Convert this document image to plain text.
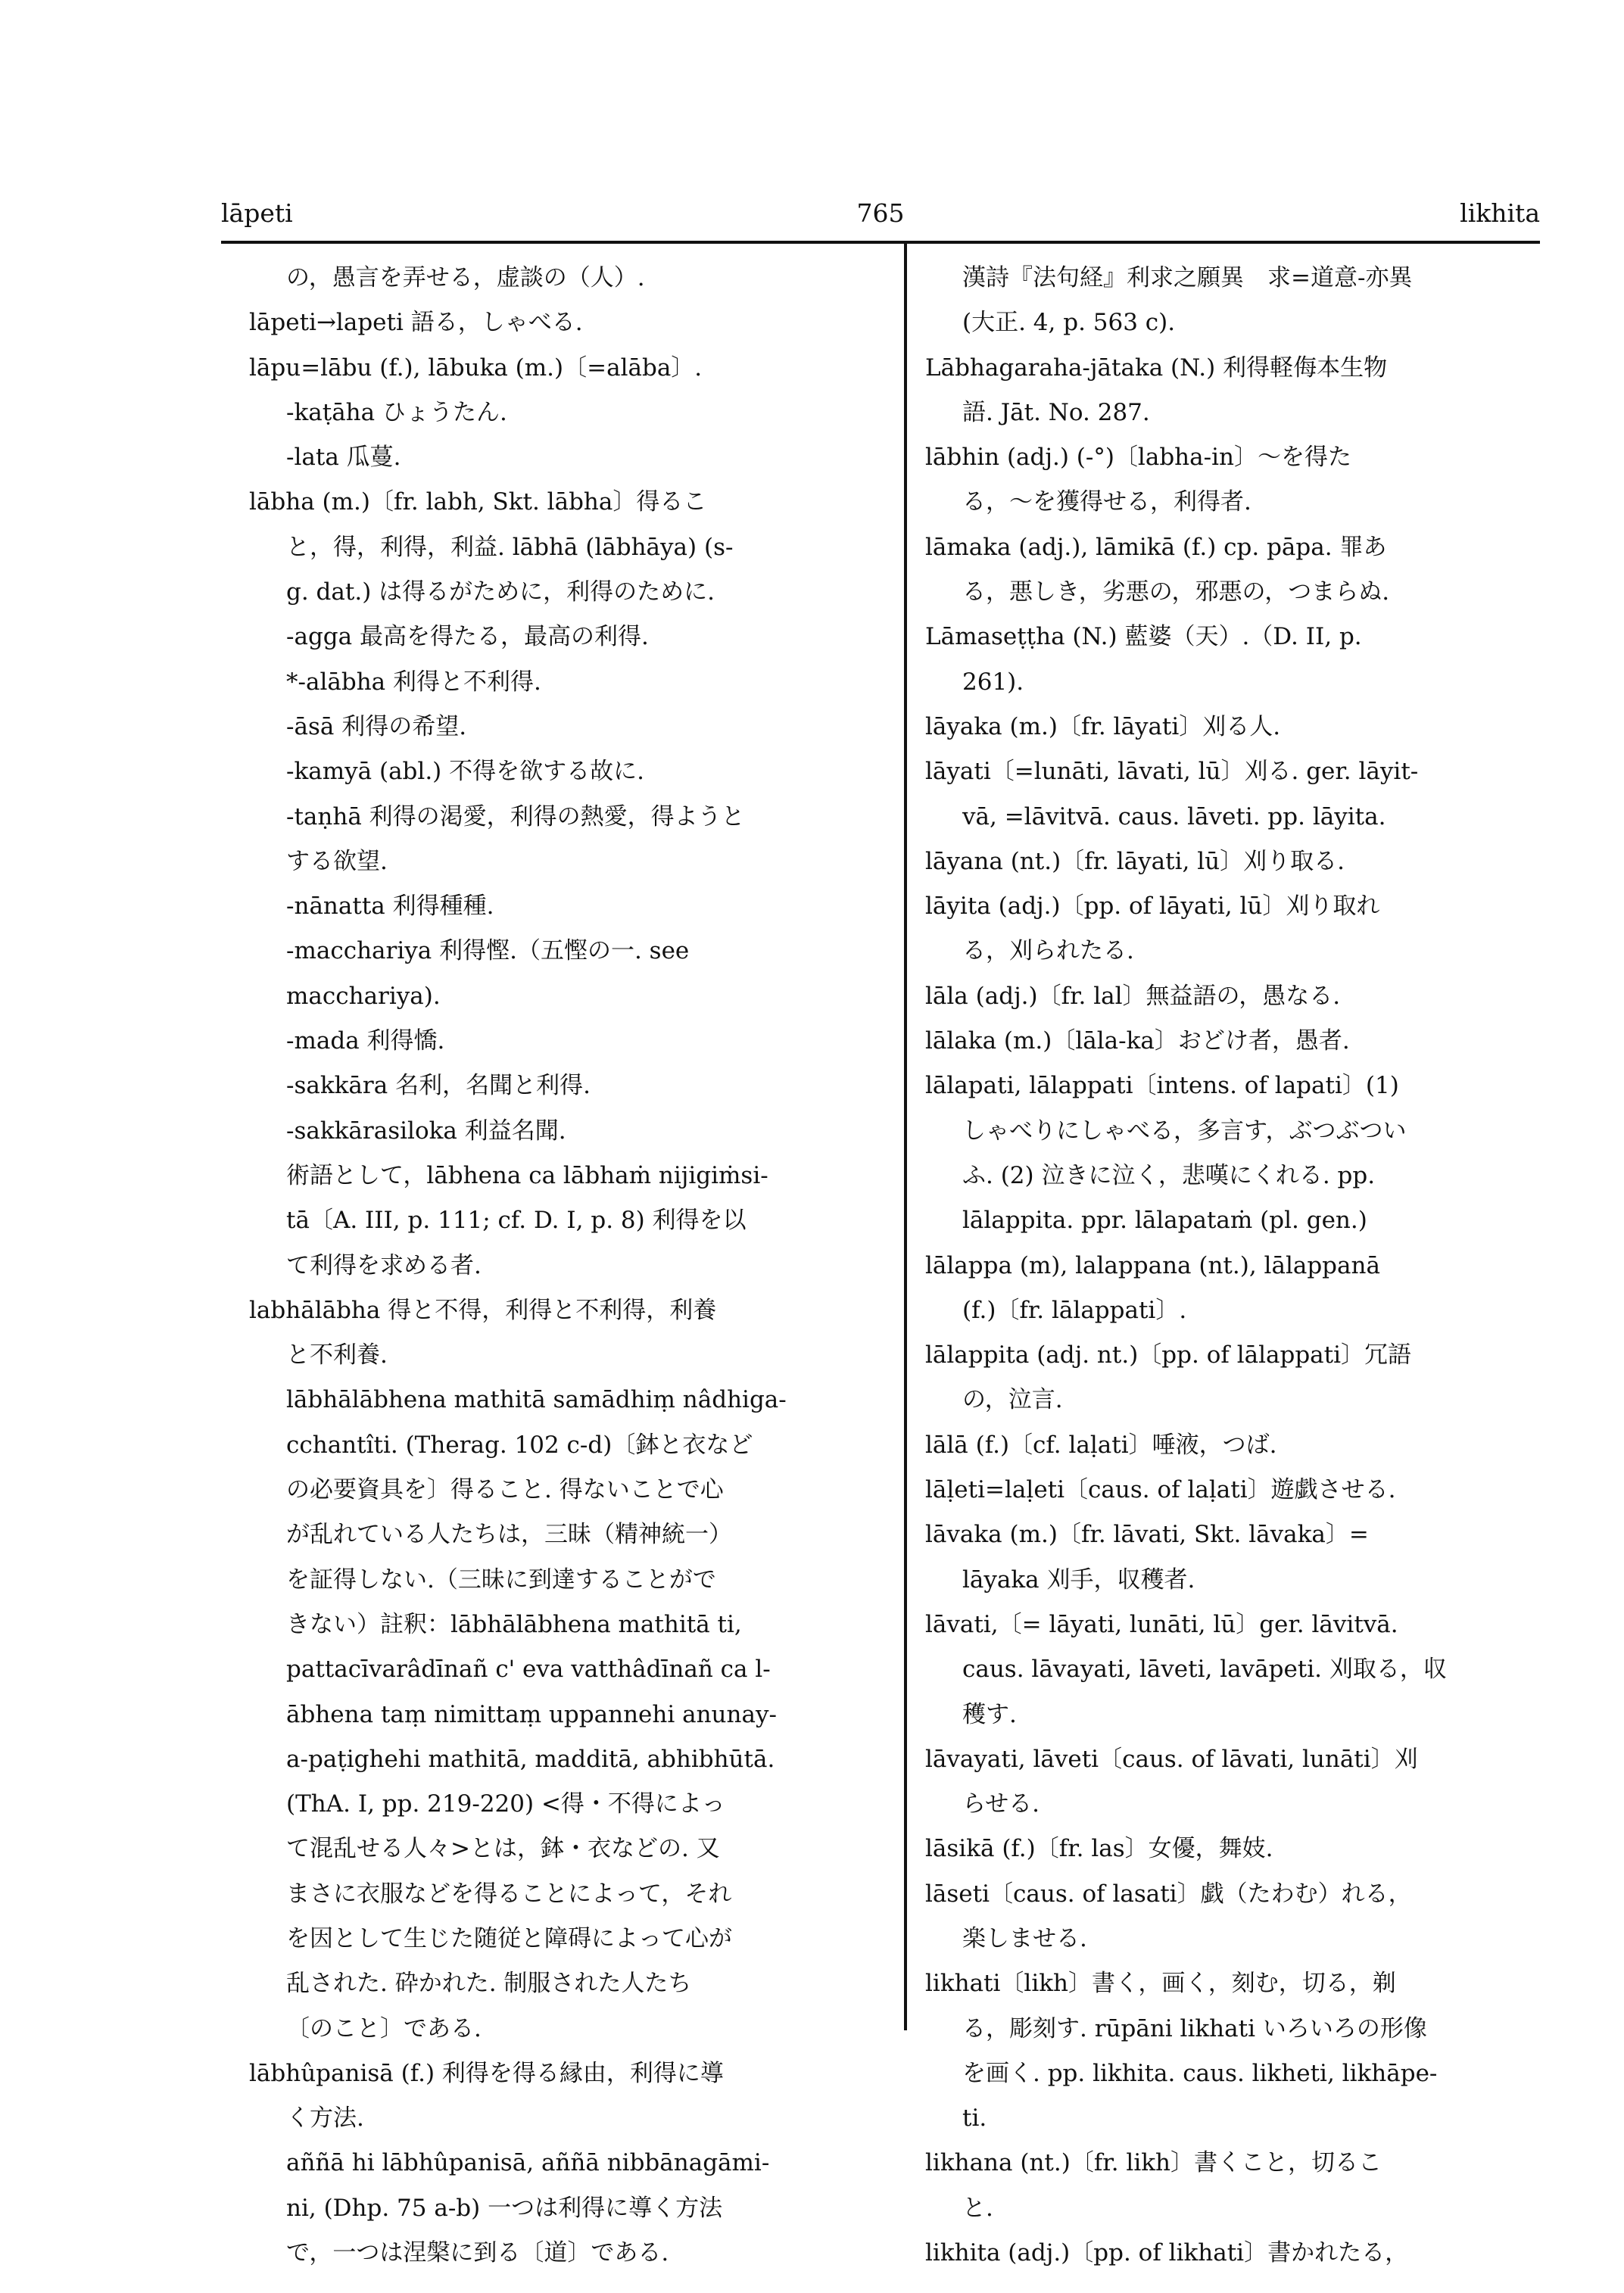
lāpeti	765	likhita
の，愚言を弄せる，虚談の（人）.
lāpeti→lapeti 語る，しゃべる.
lāpu=lābu (f.), lābuka (m.)〔=alāba〕.
-kaṭāha ひょうたん.
-lata 瓜蔓.
lābha (m.)〔fr. labh, Skt. lābha〕得るこ
と，得，利得，利益. lābhā (lābhāya) (s-
g. dat.) は得るがために，利得のために.
-agga 最高を得たる，最高の利得.
*-alābha 利得と不利得.
-āsā 利得の希望.
-kamyā (abl.) 不得を欲する故に.
-taṇhā 利得の渇愛，利得の熱愛，得ようと
する欲望.
-nānatta 利得種種.
-macchariya 利得慳.（五慳の一. see
macchariya).
-mada 利得憍.
-sakkāra 名利，名聞と利得.
-sakkārasiloka 利益名聞.
術語として，lābhena ca lābhaṁ nijigiṁsi-
tā〔A. III, p. 111; cf. D. I, p. 8) 利得を以
て利得を求める者.
labhālābha 得と不得，利得と不利得，利養
と不利養.
lābhālābhena mathitā samādhiṃ nâdhiga-
cchantîti. (Therag. 102 c-d)〔鉢と衣など
の必要資具を〕得ること. 得ないことで心
が乱れている人たちは，三昧（精神統一）
を証得しない.（三昧に到達することがで
きない）註釈：lābhālābhena mathitā ti,
pattacīvarâdīnañ c' eva vatthâdīnañ ca l-
ābhena taṃ nimittaṃ uppannehi anunay-
a-paṭighehi mathitā, madditā, abhibhūtā.
(ThA. I, pp. 219-220) <得・不得によっ
て混乱せる人々>とは，鉢・衣などの. 又
まさに衣服などを得ることによって，それ
を因として生じた随従と障碍によって心が
乱された. 砕かれた. 制服された人たち
〔のこと〕である.
lābhûpanisā (f.) 利得を得る縁由，利得に導
く方法.
aññā hi lābhûpanisā, aññā nibbānagāmi-
ni, (Dhp. 75 a-b) 一つは利得に導く方法
で，一つは涅槃に到る〔道〕である.
漢詩『法句経』利求之願異　求=道意-亦異
(大正. 4, p. 563 c).
Lābhagaraha-jātaka (N.) 利得軽侮本生物
語. Jāt. No. 287.
lābhin (adj.) (-°)〔labha-in〕〜を得た
る，〜を獲得せる，利得者.
lāmaka (adj.), lāmikā (f.) cp. pāpa. 罪あ
る，悪しき，劣悪の，邪悪の，つまらぬ.
Lāmaseṭṭha (N.) 藍婆（天）.（D. II, p.
261).
lāyaka (m.)〔fr. lāyati〕刈る人.
lāyati〔=lunāti, lāvati, lū〕刈る. ger. lāyit-
vā, =lāvitvā. caus. lāveti. pp. lāyita.
lāyana (nt.)〔fr. lāyati, lū〕刈り取る.
lāyita (adj.)〔pp. of lāyati, lū〕刈り取れ
る，刈られたる.
lāla (adj.)〔fr. lal〕無益語の，愚なる.
lālaka (m.)〔lāla-ka〕おどけ者，愚者.
lālapati, lālappati〔intens. of lapati〕(1)
しゃべりにしゃべる，多言す，ぶつぶつい
ふ. (2) 泣きに泣く，悲嘆にくれる. pp.
lālappita. ppr. lālapataṁ (pl. gen.)
lālappa (m), lalappana (nt.), lālappanā
(f.)〔fr. lālappati〕.
lālappita (adj. nt.)〔pp. of lālappati〕冗語
の，泣言.
lālā (f.)〔cf. laḷati〕唾液，つば.
lāḷeti=laḷeti〔caus. of laḷati〕遊戯させる.
lāvaka (m.)〔fr. lāvati, Skt. lāvaka〕=
lāyaka 刈手，収穫者.
lāvati,〔= lāyati, lunāti, lū〕ger. lāvitvā.
caus. lāvayati, lāveti, lavāpeti. 刈取る，収
穫す.
lāvayati, lāveti〔caus. of lāvati, lunāti〕刈
らせる.
lāsikā (f.)〔fr. las〕女優，舞妓.
lāseti〔caus. of lasati〕戯（たわむ）れる，
楽しませる.
likhati〔likh〕書く，画く，刻む，切る，剃
る，彫刻す. rūpāni likhati いろいろの形像
を画く. pp. likhita. caus. likheti, likhāpe-
ti.
likhana (nt.)〔fr. likh〕書くこと，切るこ
と.
likhita (adj.)〔pp. of likhati〕書かれたる，
